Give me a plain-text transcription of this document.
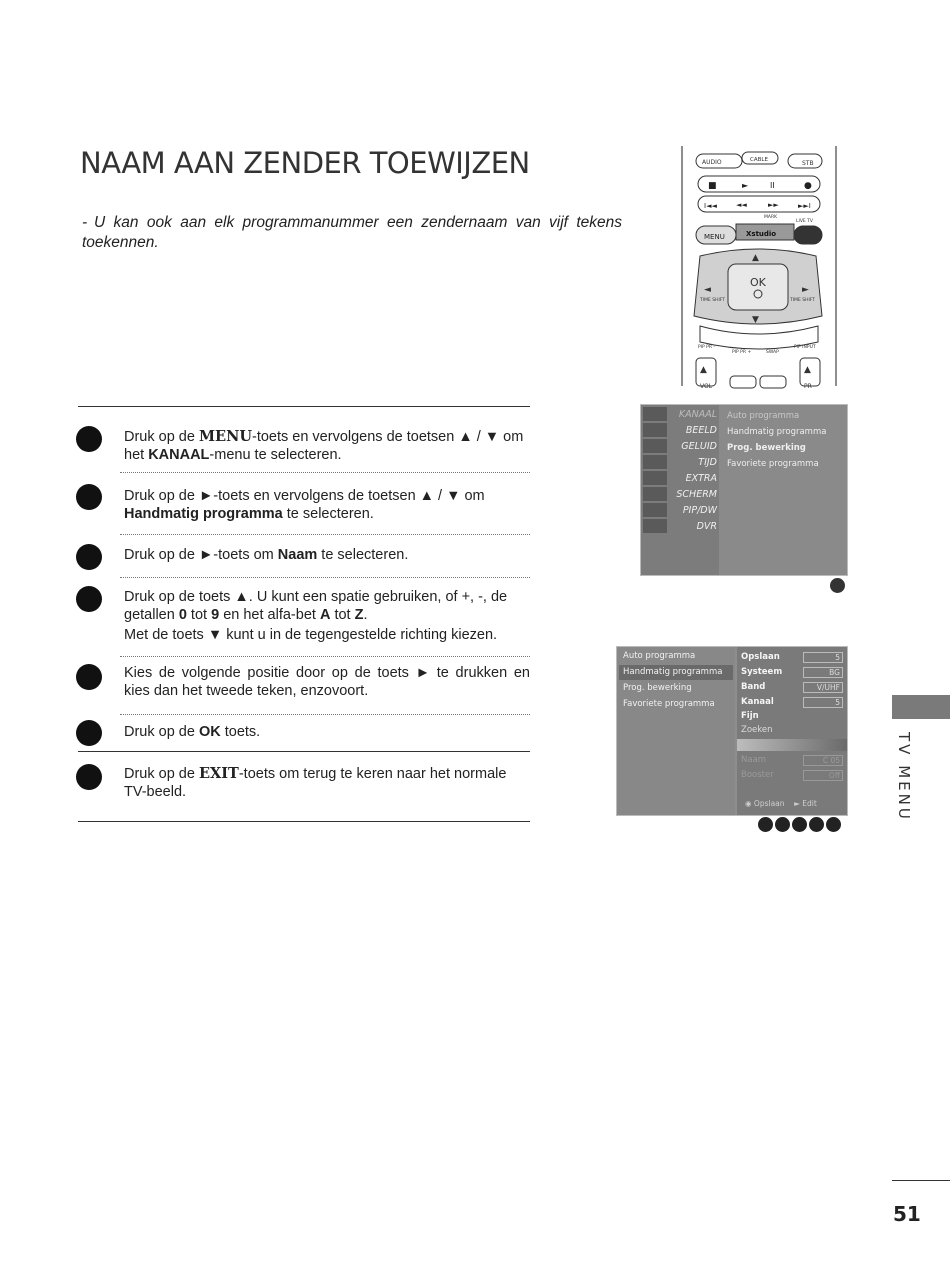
NAAM AAN ZENDER TOEWIJZEN
- U kan ook aan elk programmanummer een zendernaam van vijf tekens toekennen.
AUDIO	CABLE	STB
■	►	II	●
I◄◄	◄◄	►►	►►I
MARK
LIVE TV
MENU	Xstudio
OK
▲
▼
◄	►
TIME SHIFT	TIME SHIFT
PIP PR -
PIP PR +	SWAP
PIP INPUT
▲	▲
VOL	PR
Druk op de MENU-toets en vervolgens de toetsen ▲ / ▼ om het KANAAL-menu te selecteren.
Druk op de ►-toets en vervolgens de toetsen ▲ / ▼ om Handmatig programma te selecteren.
Druk op de ►-toets om Naam te selecteren.
Druk op de toets ▲. U kunt een spatie gebruiken, of +, -, de getallen 0 tot 9 en het alfa-bet A tot Z.
Met de toets ▼ kunt u in de tegengestelde richting kiezen.
Kies de volgende positie door op de toets ► te drukken en kies dan het tweede teken, enzovoort.
Druk op de OK toets.
Druk op de EXIT-toets om terug te keren naar het normale TV-beeld.
KANAAL
BEELD
GELUID
TIJD
EXTRA
SCHERM
PIP/DW
DVR
Auto programma
Handmatig programma
Prog. bewerking
Favoriete programma
Auto programma
Handmatig programma
Prog. bewerking
Favoriete programma
Opslaan	5
Systeem	BG
Band	V/UHF
Kanaal	5
Fijn
Zoeken
Naam	C 05
Booster	Off
◉ Opslaan ► Edit	TV MENU
51
